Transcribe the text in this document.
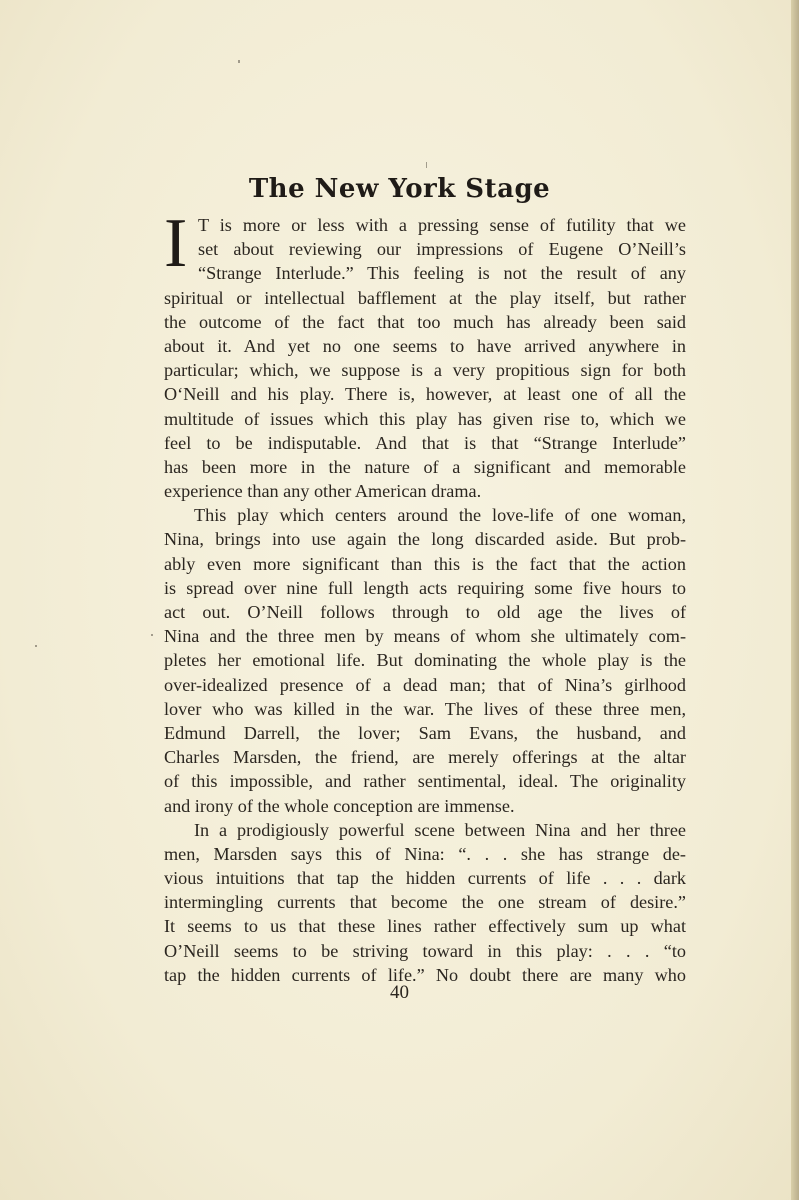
The New York Stage
I T is more or less with a pressing sense of futility that we
set about reviewing our impressions of Eugene O’Neill’s
“Strange Interlude.” This feeling is not the result of any
spiritual or intellectual bafflement at the play itself, but rather
the outcome of the fact that too much has already been said
about it. And yet no one seems to have arrived anywhere in
particular; which, we suppose is a very propitious sign for both
O‘Neill and his play. There is, however, at least one of all the
multitude of issues which this play has given rise to, which we
feel to be indisputable. And that is that “Strange Interlude”
has been more in the nature of a significant and memorable
experience than any other American drama.
This play which centers around the love-life of one woman,
Nina, brings into use again the long discarded aside. But prob-
ably even more significant than this is the fact that the action
is spread over nine full length acts requiring some five hours to
act out. O’Neill follows through to old age the lives of
Nina and the three men by means of whom she ultimately com-
pletes her emotional life. But dominating the whole play is the
over-idealized presence of a dead man; that of Nina’s girlhood
lover who was killed in the war. The lives of these three men,
Edmund Darrell, the lover; Sam Evans, the husband, and
Charles Marsden, the friend, are merely offerings at the altar
of this impossible, and rather sentimental, ideal. The originality
and irony of the whole conception are immense.
In a prodigiously powerful scene between Nina and her three
men, Marsden says this of Nina: “. . . she has strange de-
vious intuitions that tap the hidden currents of life . . . dark
intermingling currents that become the one stream of desire.”
It seems to us that these lines rather effectively sum up what
O’Neill seems to be striving toward in this play: . . . “to
tap the hidden currents of life.” No doubt there are many who
40
